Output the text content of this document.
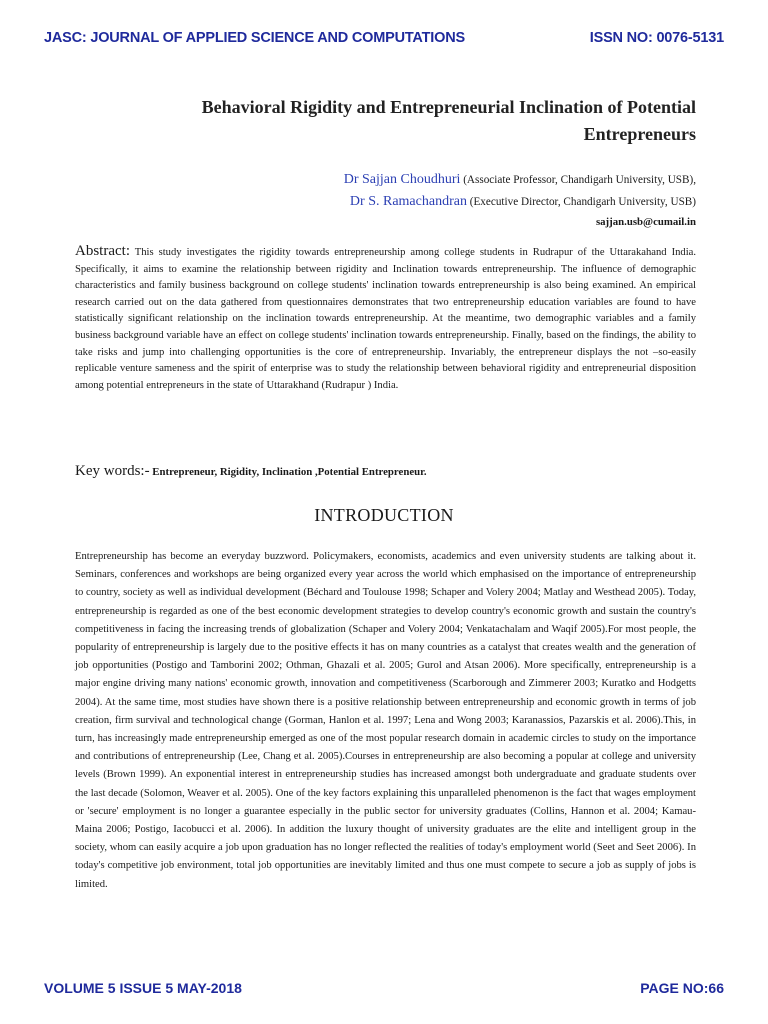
JASC: JOURNAL OF APPLIED SCIENCE AND COMPUTATIONS	ISSN NO: 0076-5131
Behavioral Rigidity and Entrepreneurial Inclination of Potential
Entrepreneurs
Dr Sajjan Choudhuri (Associate Professor, Chandigarh University, USB),
Dr S. Ramachandran (Executive Director, Chandigarh University, USB)
sajjan.usb@cumail.in
Abstract: This study investigates the rigidity towards entrepreneurship among college students in Rudrapur of the Uttarakahand India. Specifically, it aims to examine the relationship between rigidity and Inclination towards entrepreneurship. The influence of demographic characteristics and family business background on college students' inclination towards entrepreneurship is also being examined. An empirical research carried out on the data gathered from questionnaires demonstrates that two entrepreneurship education variables are found to have statistically significant relationship on the inclination towards entrepreneurship. At the meantime, two demographic variables and a family business background variable have an effect on college students' inclination towards entrepreneurship. Finally, based on the findings, the ability to take risks and jump into challenging opportunities is the core of entrepreneurship. Invariably, the entrepreneur displays the not –so-easily replicable venture sameness and the spirit of enterprise was to study the relationship between behavioral rigidity and entrepreneurial disposition among potential entrepreneurs in the state of Uttarakhand (Rudrapur ) India.
Key words:- Entrepreneur, Rigidity, Inclination ,Potential Entrepreneur.
INTRODUCTION
Entrepreneurship has become an everyday buzzword. Policymakers, economists, academics and even university students are talking about it. Seminars, conferences and workshops are being organized every year across the world which emphasised on the importance of entrepreneurship to country, society as well as individual development (Béchard and Toulouse 1998; Schaper and Volery 2004; Matlay and Westhead 2005). Today, entrepreneurship is regarded as one of the best economic development strategies to develop country's economic growth and sustain the country's competitiveness in facing the increasing trends of globalization (Schaper and Volery 2004; Venkatachalam and Waqif 2005).For most people, the popularity of entrepreneurship is largely due to the positive effects it has on many countries as a catalyst that creates wealth and the generation of job opportunities (Postigo and Tamborini 2002; Othman, Ghazali et al. 2005; Gurol and Atsan 2006). More specifically, entrepreneurship is a major engine driving many nations' economic growth, innovation and competitiveness (Scarborough and Zimmerer 2003; Kuratko and Hodgetts 2004). At the same time, most studies have shown there is a positive relationship between entrepreneurship and economic growth in terms of job creation, firm survival and technological change (Gorman, Hanlon et al. 1997; Lena and Wong 2003; Karanassios, Pazarskis et al. 2006).This, in turn, has increasingly made entrepreneurship emerged as one of the most popular research domain in academic circles to study on the importance and contributions of entrepreneurship (Lee, Chang et al. 2005).Courses in entrepreneurship are also becoming a popular at college and university levels (Brown 1999). An exponential interest in entrepreneurship studies has increased amongst both undergraduate and graduate students over the last decade (Solomon, Weaver et al. 2005). One of the key factors explaining this unparalleled phenomenon is the fact that wages employment or 'secure' employment is no longer a guarantee especially in the public sector for university graduates (Collins, Hannon et al. 2004; Kamau-Maina 2006; Postigo, Iacobucci et al. 2006). In addition the luxury thought of university graduates are the elite and intelligent group in the society, whom can easily acquire a job upon graduation has no longer reflected the realities of today's employment world (Seet and Seet 2006). In today's competitive job environment, total job opportunities are inevitably limited and thus one must compete to secure a job as supply of jobs is limited.
VOLUME 5 ISSUE 5 MAY-2018	PAGE NO:66
